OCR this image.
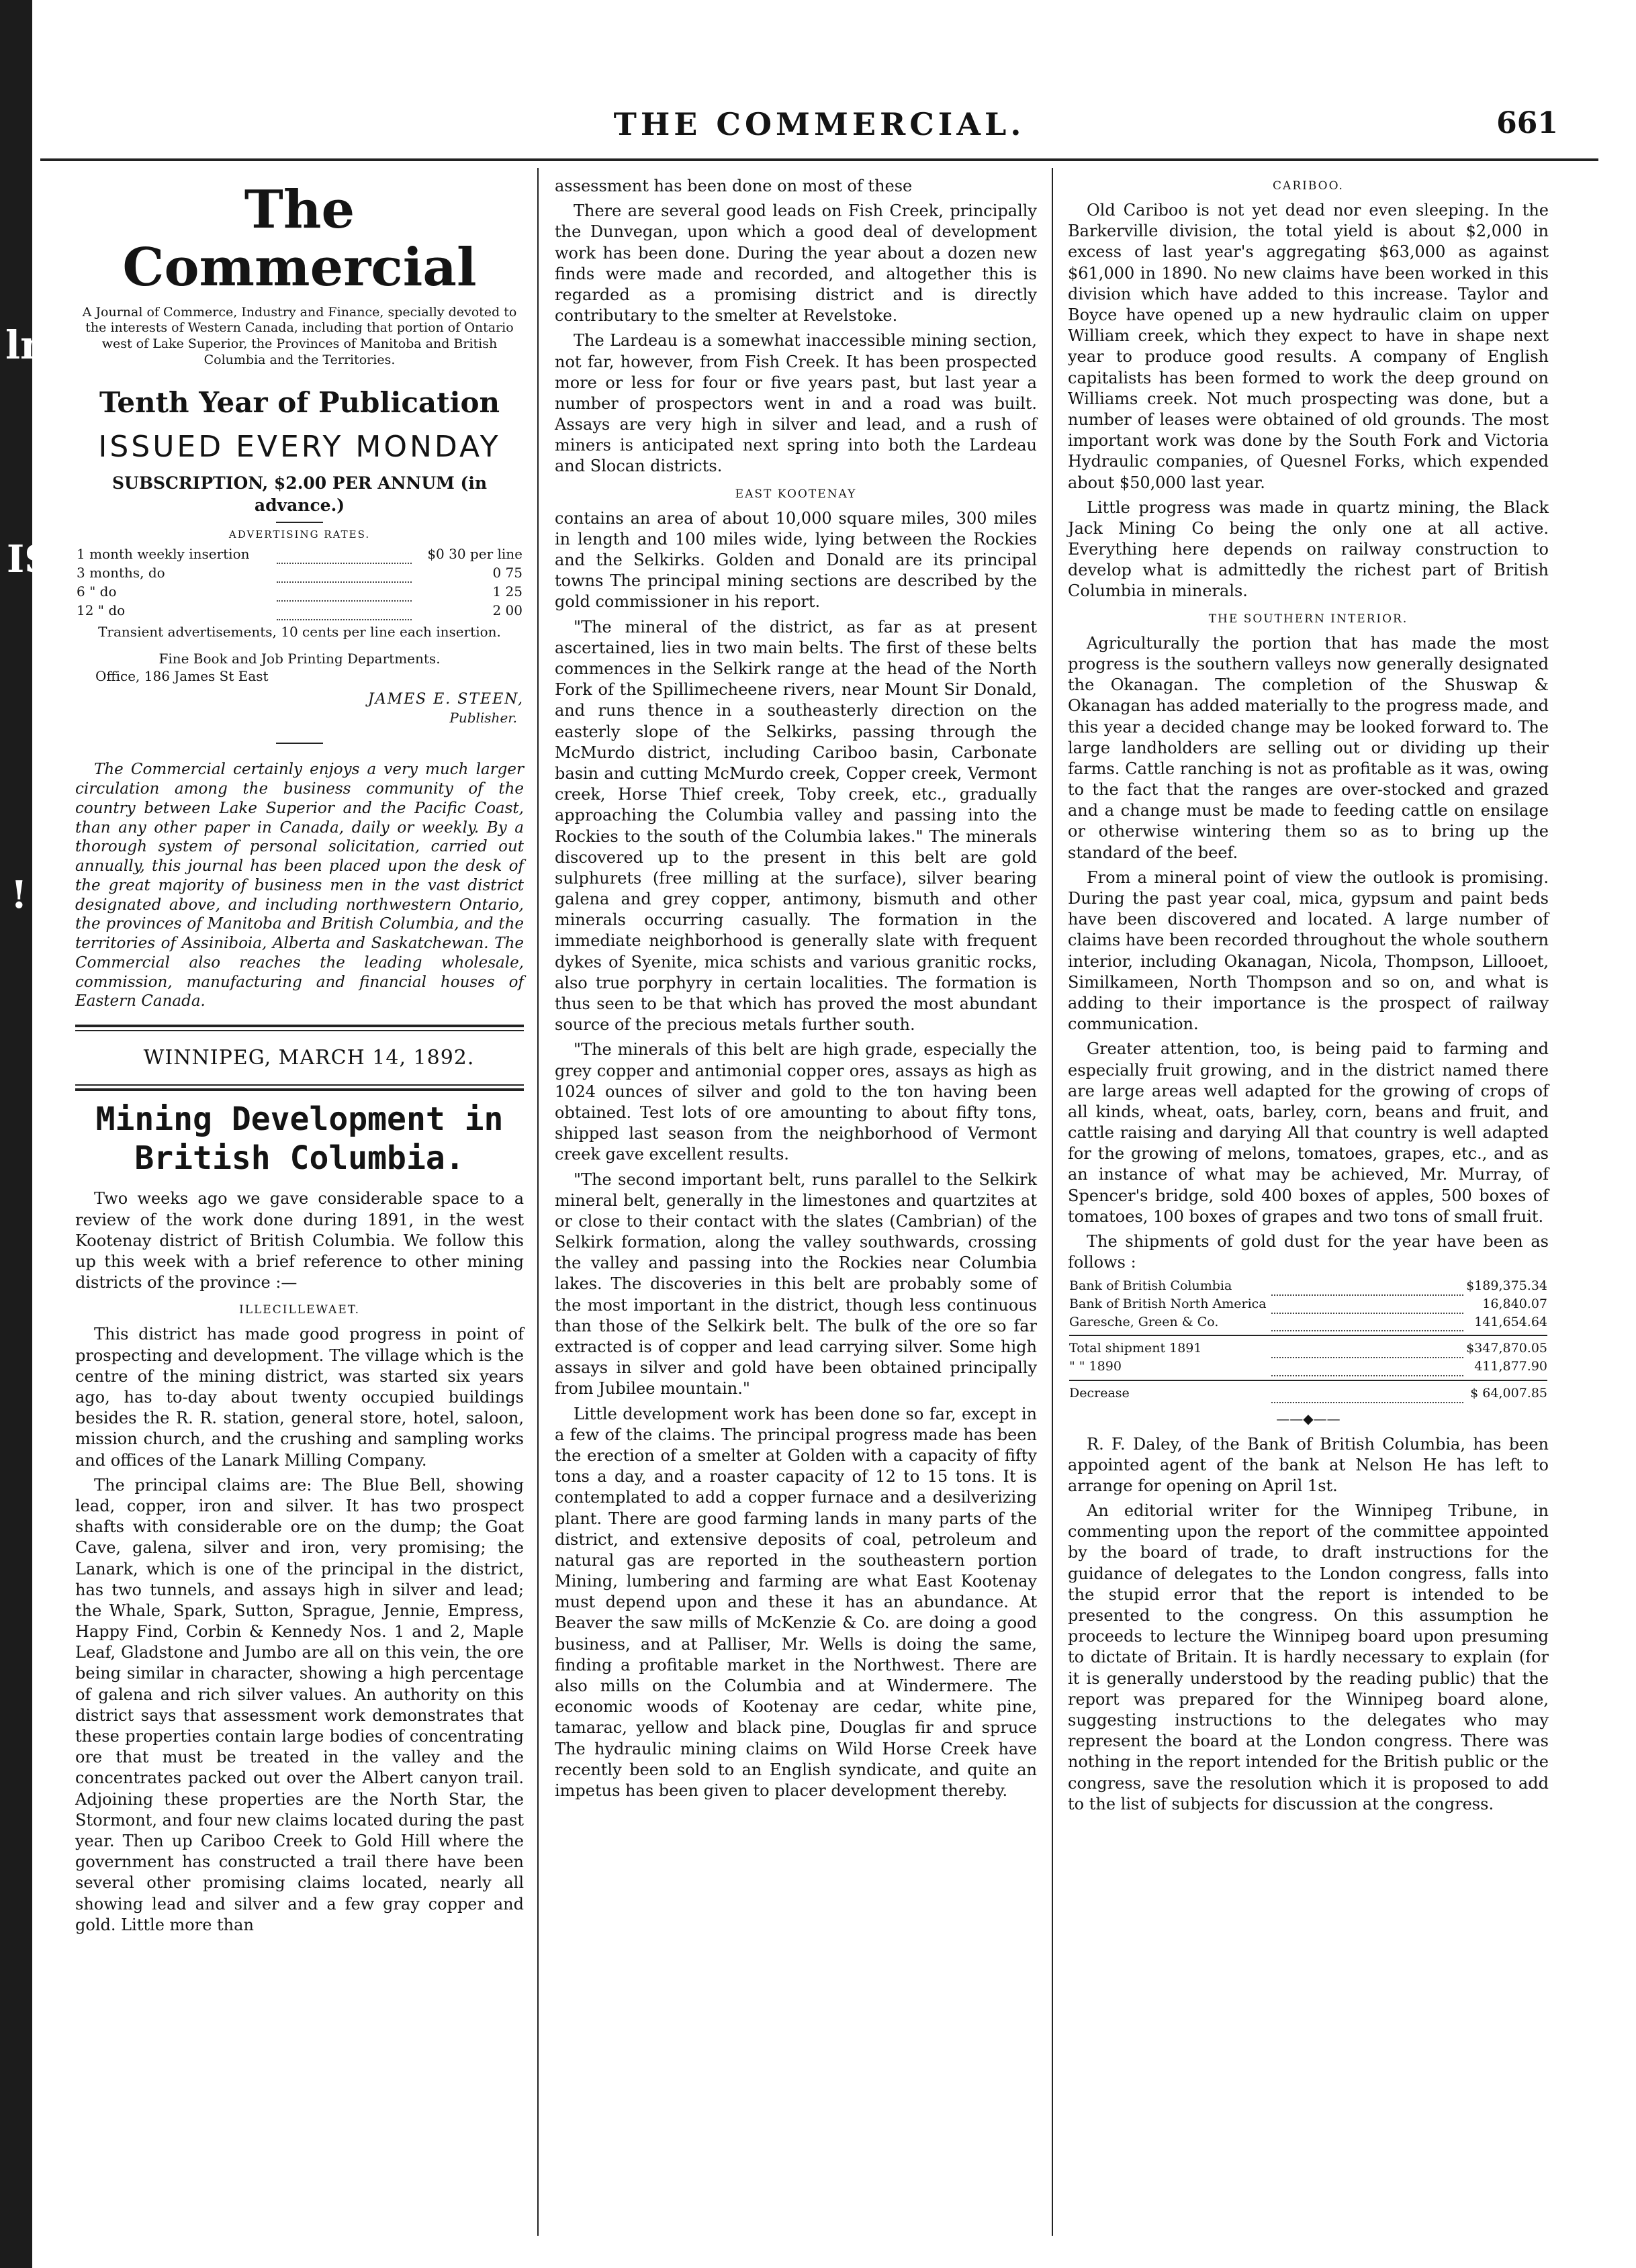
lnd
IS
!
THE COMMERCIAL.	661
The Commercial
A Journal of Commerce, Industry and Finance, specially devoted to the interests of Western Canada, including that portion of Ontario west of Lake Superior, the Provinces of Manitoba and British Columbia and the Territories.
Tenth Year of Publication
ISSUED EVERY MONDAY
SUBSCRIPTION, $2.00 PER ANNUM (in advance.)
ADVERTISING RATES.
1 month weekly insertion		$0 30 per line
3 months, do		0 75
6 " do		1 25
12 " do		2 00
Transient advertisements, 10 cents per line each insertion.
Fine Book and Job Printing Departments.
Office, 186 James St East
JAMES E. STEEN,
Publisher.

The Commercial certainly enjoys a very much larger circulation among the business community of the country between Lake Superior and the Pacific Coast, than any other paper in Canada, daily or weekly. By a thorough system of personal solicitation, carried out annually, this journal has been placed upon the desk of the great majority of business men in the vast district designated above, and including northwestern Ontario, the provinces of Manitoba and British Columbia, and the territories of Assiniboia, Alberta and Saskatchewan. The Commercial also reaches the leading wholesale, commission, manufacturing and financial houses of Eastern Canada.

WINNIPEG, MARCH 14, 1892.

Mining Development in British Columbia.

Two weeks ago we gave considerable space to a review of the work done during 1891, in the west Kootenay district of British Columbia. We follow this up this week with a brief reference to other mining districts of the province :—

ILLECILLEWAET.

This district has made good progress in point of prospecting and development. The village which is the centre of the mining district, was started six years ago, has to-day about twenty occupied buildings besides the R. R. station, general store, hotel, saloon, mission church, and the crushing and sampling works and offices of the Lanark Milling Company.

The principal claims are: The Blue Bell, showing lead, copper, iron and silver. It has two prospect shafts with considerable ore on the dump; the Goat Cave, galena, silver and iron, very promising; the Lanark, which is one of the principal in the district, has two tunnels, and assays high in silver and lead; the Whale, Spark, Sutton, Sprague, Jennie, Empress, Happy Find, Corbin & Kennedy Nos. 1 and 2, Maple Leaf, Gladstone and Jumbo are all on this vein, the ore being similar in character, showing a high percentage of galena and rich silver values. An authority on this district says that assessment work demonstrates that these properties contain large bodies of concentrating ore that must be treated in the valley and the concentrates packed out over the Albert canyon trail. Adjoining these properties are the North Star, the Stormont, and four new claims located during the past year. Then up Cariboo Creek to Gold Hill where the government has constructed a trail there have been several other promising claims located, nearly all showing lead and silver and a few gray copper and gold. Little more than

assessment has been done on most of these

There are several good leads on Fish Creek, principally the Dunvegan, upon which a good deal of development work has been done. During the year about a dozen new finds were made and recorded, and altogether this is regarded as a promising district and is directly contributary to the smelter at Revelstoke.

The Lardeau is a somewhat inaccessible mining section, not far, however, from Fish Creek. It has been prospected more or less for four or five years past, but last year a number of prospectors went in and a road was built. Assays are very high in silver and lead, and a rush of miners is anticipated next spring into both the Lardeau and Slocan districts.

EAST KOOTENAY

contains an area of about 10,000 square miles, 300 miles in length and 100 miles wide, lying between the Rockies and the Selkirks. Golden and Donald are its principal towns The principal mining sections are described by the gold commissioner in his report.

"The mineral of the district, as far as at present ascertained, lies in two main belts. The first of these belts commences in the Selkirk range at the head of the North Fork of the Spillimecheene rivers, near Mount Sir Donald, and runs thence in a southeasterly direction on the easterly slope of the Selkirks, passing through the McMurdo district, including Cariboo basin, Carbonate basin and cutting McMurdo creek, Copper creek, Vermont creek, Horse Thief creek, Toby creek, etc., gradually approaching the Columbia valley and passing into the Rockies to the south of the Columbia lakes." The minerals discovered up to the present in this belt are gold sulphurets (free milling at the surface), silver bearing galena and grey copper, antimony, bismuth and other minerals occurring casually. The formation in the immediate neighborhood is generally slate with frequent dykes of Syenite, mica schists and various granitic rocks, also true porphyry in certain localities. The formation is thus seen to be that which has proved the most abundant source of the precious metals further south.

"The minerals of this belt are high grade, especially the grey copper and antimonial copper ores, assays as high as 1024 ounces of silver and gold to the ton having been obtained. Test lots of ore amounting to about fifty tons, shipped last season from the neighborhood of Vermont creek gave excellent results.

"The second important belt, runs parallel to the Selkirk mineral belt, generally in the limestones and quartzites at or close to their contact with the slates (Cambrian) of the Selkirk formation, along the valley southwards, crossing the valley and passing into the Rockies near Columbia lakes. The discoveries in this belt are probably some of the most important in the district, though less continuous than those of the Selkirk belt. The bulk of the ore so far extracted is of copper and lead carrying silver. Some high assays in silver and gold have been obtained principally from Jubilee mountain."

Little development work has been done so far, except in a few of the claims. The principal progress made has been the erection of a smelter at Golden with a capacity of fifty tons a day, and a roaster capacity of 12 to 15 tons. It is contemplated to add a copper furnace and a desilverizing plant. There are good farming lands in many parts of the district, and extensive deposits of coal, petroleum and natural gas are reported in the southeastern portion Mining, lumbering and farming are what East Kootenay must depend upon and these it has an abundance. At Beaver the saw mills of McKenzie & Co. are doing a good business, and at Palliser, Mr. Wells is doing the same, finding a profitable market in the Northwest. There are also mills on the Columbia and at Windermere. The economic woods of Kootenay are cedar, white pine, tamarac, yellow and black pine, Douglas fir and spruce The hydraulic mining claims on Wild Horse Creek have recently been sold to an English syndicate, and quite an impetus has been given to placer development thereby.

CARIBOO.

Old Cariboo is not yet dead nor even sleeping. In the Barkerville division, the total yield is about $2,000 in excess of last year's aggregating $63,000 as against $61,000 in 1890. No new claims have been worked in this division which have added to this increase. Taylor and Boyce have opened up a new hydraulic claim on upper William creek, which they expect to have in shape next year to produce good results. A company of English capitalists has been formed to work the deep ground on Williams creek. Not much prospecting was done, but a number of leases were obtained of old grounds. The most important work was done by the South Fork and Victoria Hydraulic companies, of Quesnel Forks, which expended about $50,000 last year.

Little progress was made in quartz mining, the Black Jack Mining Co being the only one at all active. Everything here depends on railway construction to develop what is admittedly the richest part of British Columbia in minerals.

THE SOUTHERN INTERIOR.

Agriculturally the portion that has made the most progress is the southern valleys now generally designated the Okanagan. The completion of the Shuswap & Okanagan has added materially to the progress made, and this year a decided change may be looked forward to. The large landholders are selling out or dividing up their farms. Cattle ranching is not as profitable as it was, owing to the fact that the ranges are over-stocked and grazed and a change must be made to feeding cattle on ensilage or otherwise wintering them so as to bring up the standard of the beef.

From a mineral point of view the outlook is promising. During the past year coal, mica, gypsum and paint beds have been discovered and located. A large number of claims have been recorded throughout the whole southern interior, including Okanagan, Nicola, Thompson, Lillooet, Similkameen, North Thompson and so on, and what is adding to their importance is the prospect of railway communication.

Greater attention, too, is being paid to farming and especially fruit growing, and in the district named there are large areas well adapted for the growing of crops of all kinds, wheat, oats, barley, corn, beans and fruit, and cattle raising and darying All that country is well adapted for the growing of melons, tomatoes, grapes, etc., and as an instance of what may be achieved, Mr. Murray, of Spencer's bridge, sold 400 boxes of apples, 500 boxes of tomatoes, 100 boxes of grapes and two tons of small fruit.

The shipments of gold dust for the year have been as follows :

Bank of British Columbia		$189,375.34
Bank of British North America		16,840.07
Garesche, Green & Co.		141,654.64

Total shipment 1891		$347,870.05
" " 1890		411,877.90

Decrease		$ 64,007.85
——◆——

R. F. Daley, of the Bank of British Columbia, has been appointed agent of the bank at Nelson He has left to arrange for opening on April 1st.

An editorial writer for the Winnipeg Tribune, in commenting upon the report of the committee appointed by the board of trade, to draft instructions for the guidance of delegates to the London congress, falls into the stupid error that the report is intended to be presented to the congress. On this assumption he proceeds to lecture the Winnipeg board upon presuming to dictate of Britain. It is hardly necessary to explain (for it is generally understood by the reading public) that the report was prepared for the Winnipeg board alone, suggesting instructions to the delegates who may represent the board at the London congress. There was nothing in the report intended for the British public or the congress, save the resolution which it is proposed to add to the list of subjects for discussion at the congress.
